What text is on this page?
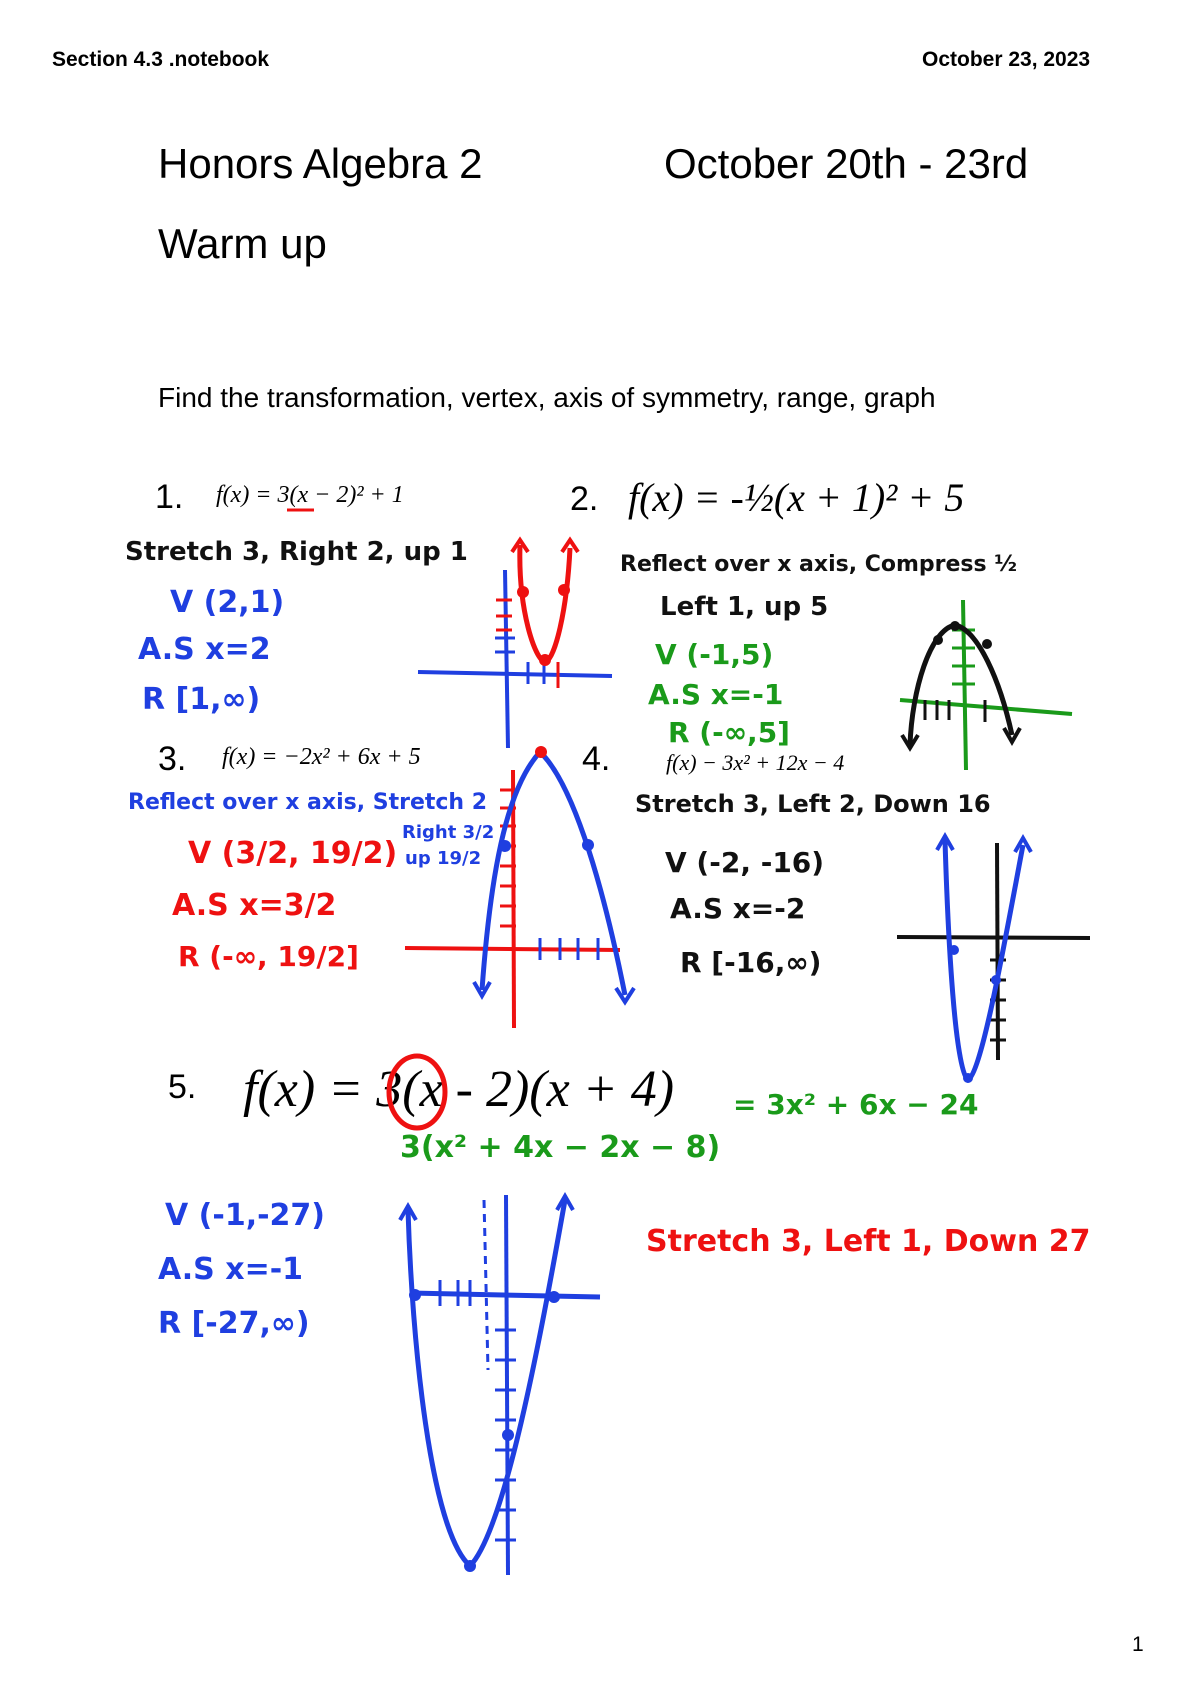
Section 4.3 .notebook	October 23, 2023
Honors Algebra 2	October 20th - 23rd
Warm up
Find the transformation, vertex, axis of symmetry, range, graph
1. f(x) = 3(x − 2)² + 1
Stretch 3, Right 2, up 1
V (2,1)
A.S x=2
R [1,∞)
2. f(x) = -½(x + 1)² + 5
Reflect over x axis, Compress ½
Left 1, up 5
V (-1,5)
A.S x=-1
R (-∞,5]
3. f(x) = −2x² + 6x + 5
Reflect over x axis, Stretch 2
Right 3/2
up 19/2
V (3/2, 19/2)
A.S x=3/2
R (-∞, 19/2]
4.	f(x) − 3x² + 12x − 4
Stretch 3, Left 2, Down 16
V (-2, -16)
A.S x=-2
R [-16,∞)
5. f(x) = 3(x - 2)(x + 4) = 3x² + 6x − 24
3(x² + 4x − 2x − 8)
V (-1,-27)
A.S x=-1
R [-27,∞)
Stretch 3, Left 1, Down 27
1
